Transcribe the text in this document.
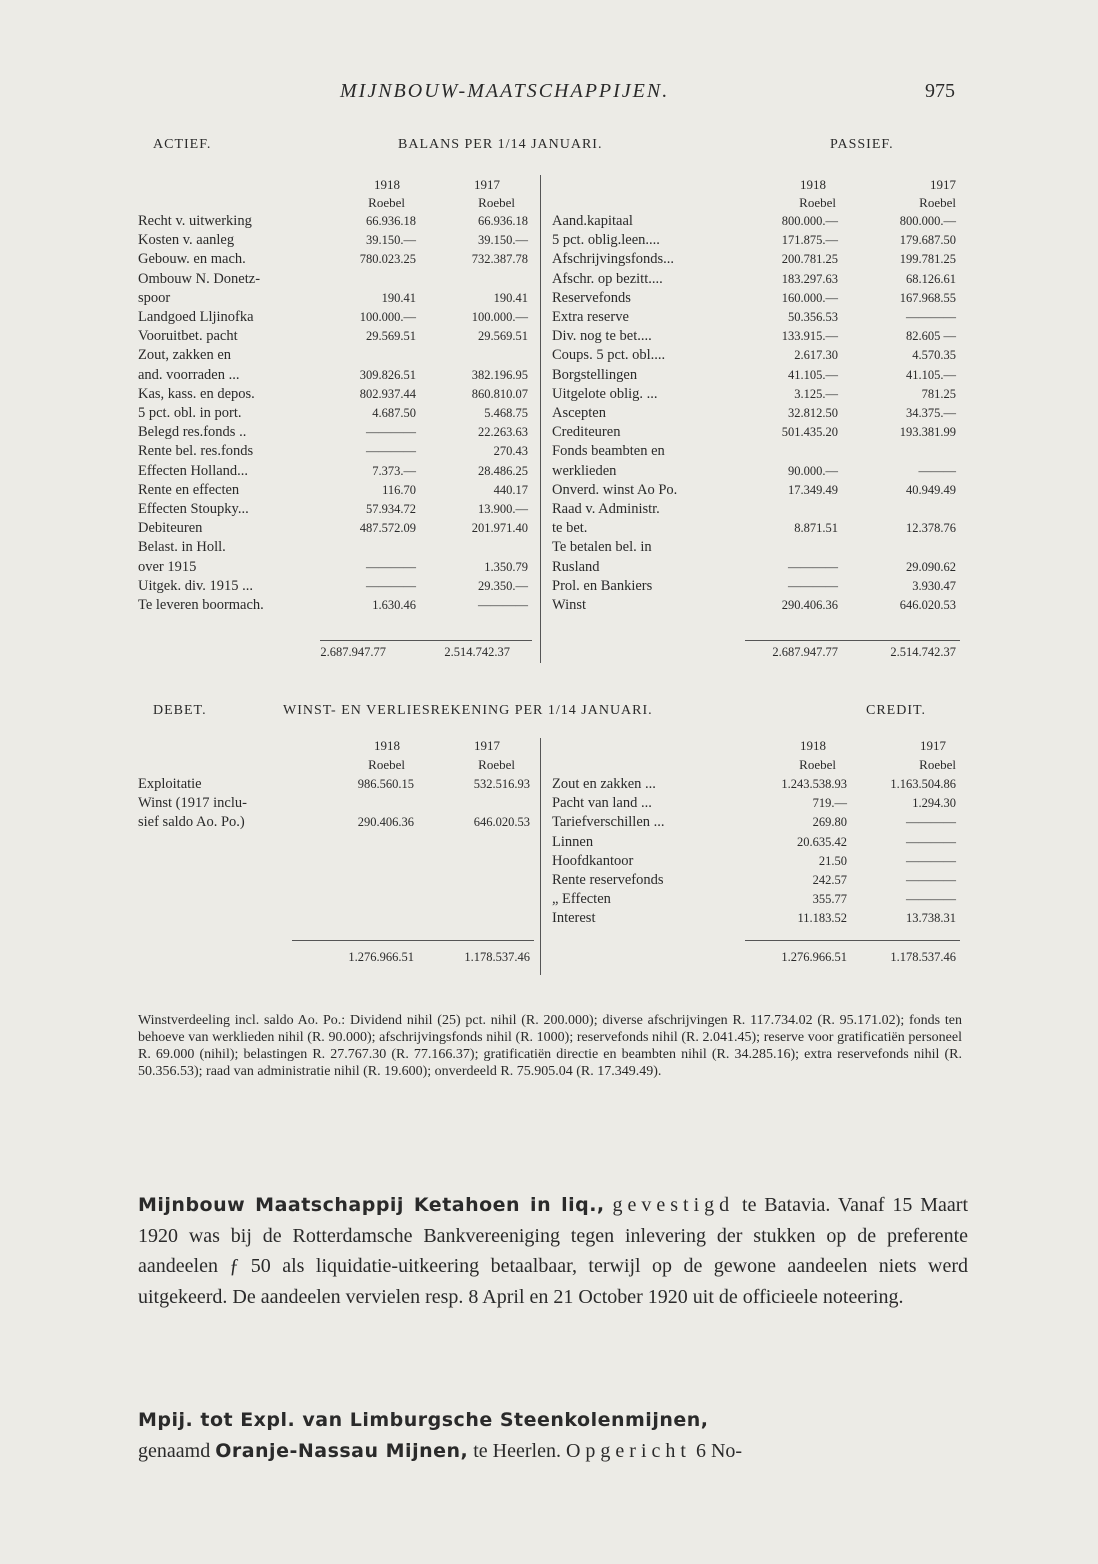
MIJNBOUW-MAATSCHAPPIJEN.	975
ACTIEF.	BALANS PER 1/14 JANUARI.	PASSIEF.
1918	1917
Roebel	Roebel
1918	1917
Roebel	Roebel
Recht v. uitwerking	66.936.18	66.936.18
Kosten v. aanleg	39.150.—	39.150.—
Gebouw. en mach.	780.023.25	732.387.78
Ombouw N. Donetz-
spoor	190.41	190.41
Landgoed Lljinofka	100.000.—	100.000.—
Vooruitbet. pacht	29.569.51	29.569.51
Zout, zakken en
and. voorraden ...	309.826.51	382.196.95
Kas, kass. en depos.	802.937.44	860.810.07
5 pct. obl. in port.	4.687.50	5.468.75
Belegd res.fonds ..	————	22.263.63
Rente bel. res.fonds	————	270.43
Effecten Holland...	7.373.—	28.486.25
Rente en effecten	116.70	440.17
Effecten Stoupky...	57.934.72	13.900.—
Debiteuren	487.572.09	201.971.40
Belast. in Holl.
over 1915	————	1.350.79
Uitgek. div. 1915 ...	————	29.350.—
Te leveren boormach.	1.630.46	————
Aand.kapitaal	800.000.—	800.000.—
5 pct. oblig.leen....	171.875.—	179.687.50
Afschrijvingsfonds...	200.781.25	199.781.25
Afschr. op bezitt....	183.297.63	68.126.61
Reservefonds	160.000.—	167.968.55
Extra reserve	50.356.53	————
Div. nog te bet....	133.915.—	82.605 —
Coups. 5 pct. obl....	2.617.30	4.570.35
Borgstellingen	41.105.—	41.105.—
Uitgelote oblig. ...	3.125.—	781.25
Ascepten	32.812.50	34.375.—
Crediteuren	501.435.20	193.381.99
Fonds beambten en
werklieden	90.000.—	———
Onverd. winst Ao Po.	17.349.49	40.949.49
Raad v. Administr.
te bet.	8.871.51	12.378.76
Te betalen bel. in
Rusland	————	29.090.62
Prol. en Bankiers	————	3.930.47
Winst	290.406.36	646.020.53
2.687.947.77	2.514.742.37	2.687.947.77	2.514.742.37
DEBET.	WINST- EN VERLIESREKENING PER 1/14 JANUARI.	CREDIT.
1918	1917
Roebel	Roebel
1918	1917
Roebel	Roebel
Exploitatie	986.560.15	532.516.93
Winst (1917 inclu-
sief saldo Ao. Po.)	290.406.36	646.020.53
Zout en zakken ...	1.243.538.93	1.163.504.86
Pacht van land ...	719.—	1.294.30
Tariefverschillen ...	269.80	————
Linnen	20.635.42	————
Hoofdkantoor	21.50	————
Rente reservefonds	242.57	————
„ Effecten	355.77	————
Interest	11.183.52	13.738.31
1.276.966.51	1.178.537.46	1.276.966.51	1.178.537.46
Winstverdeeling incl. saldo Ao. Po.: Dividend nihil (25) pct. nihil (R. 200.000); diverse afschrijvingen R. 117.734.02 (R. 95.171.02); fonds ten behoeve van werklieden nihil (R. 90.000); afschrijvingsfonds nihil (R. 1000); reservefonds nihil (R. 2.041.45); reserve voor gratificatiën personeel R. 69.000 (nihil); belastingen R. 27.767.30 (R. 77.166.37); gratificatiën directie en beambten nihil (R. 34.285.16); extra reservefonds nihil (R. 50.356.53); raad van administratie nihil (R. 19.600); onverdeeld R. 75.905.04 (R. 17.349.49).
Mijnbouw Maatschappij Ketahoen in liq., gevestigd te Batavia. Vanaf 15 Maart 1920 was bij de Rotterdamsche Bankvereeniging tegen inlevering der stukken op de preferente aandeelen ƒ 50 als liquidatie-uitkeering betaalbaar, terwijl op de gewone aandeelen niets werd uitgekeerd. De aandeelen vervielen resp. 8 April en 21 October 1920 uit de officieele noteering.
Mpij. tot Expl. van Limburgsche Steenkolenmijnen,
genaamd Oranje-Nassau Mijnen, te Heerlen. Opgericht 6 No-
